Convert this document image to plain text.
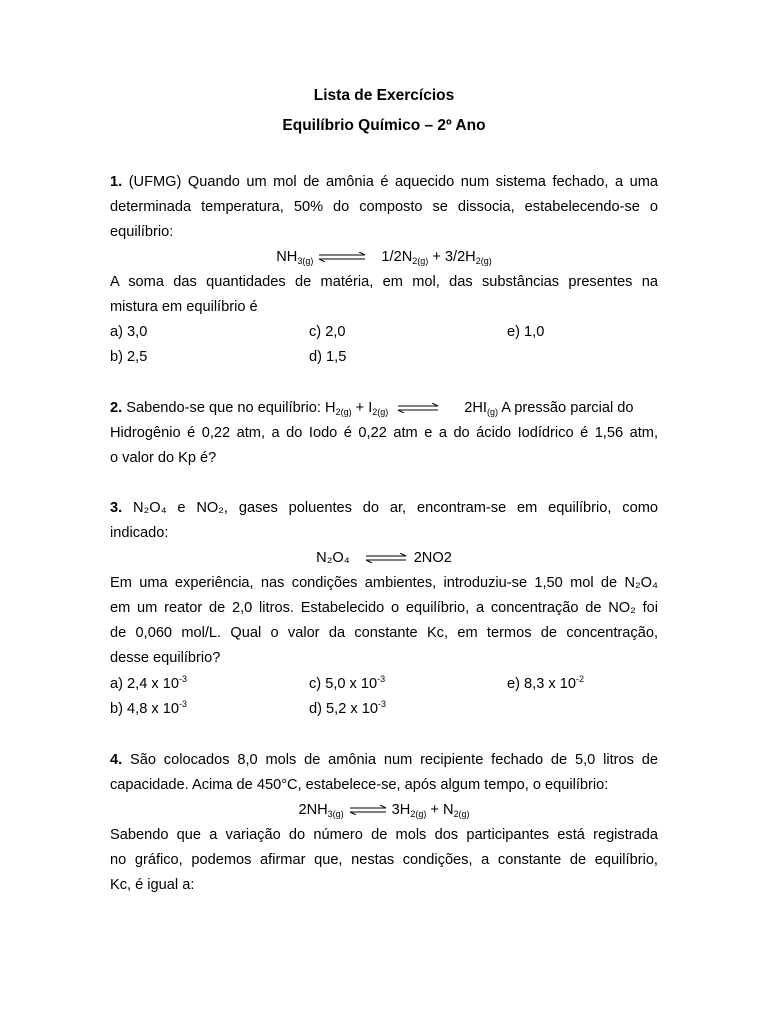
Lista de Exercícios
Equilíbrio Químico – 2º Ano
1. (UFMG) Quando um mol de amônia é aquecido num sistema fechado, a uma
determinada temperatura, 50% do composto se dissocia, estabelecendo-se o
equilíbrio:
$NH_{3(g)}$ ⇌ $1/2N_{2(g)} + 3/2H_{2(g)}$
A soma das quantidades de matéria, em mol, das substâncias presentes na
mistura em equilíbrio é
a) 3,0	c) 2,0	e) 1,0
b) 2,5	d) 1,5
2. Sabendo-se que no equilíbrio: $H_{2(g)} + I_{2(g)}$ ⇌ $2HI_{(g)}$ A pressão parcial do
Hidrogênio é 0,22 atm, a do Iodo é 0,22 atm e a do ácido Iodídrico é 1,56 atm,
o valor do Kp é?
3. N₂O₄ e NO₂, gases poluentes do ar, encontram-se em equilíbrio, como
indicado:
N₂O₄ ⇌ 2NO2
Em uma experiência, nas condições ambientes, introduziu-se 1,50 mol de N₂O₄
em um reator de 2,0 litros. Estabelecido o equilíbrio, a concentração de NO₂ foi
de 0,060 mol/L. Qual o valor da constante Kc, em termos de concentração,
desse equilíbrio?
a) 2,4 x $10^{-3}$	c) 5,0 x $10^{-3}$	e) 8,3 x $10^{-2}$
b) 4,8 x $10^{-3}$	d) 5,2 x $10^{-3}$
4. São colocados 8,0 mols de amônia num recipiente fechado de 5,0 litros de
capacidade. Acima de 450°C, estabelece-se, após algum tempo, o equilíbrio:
$2NH_{3(g)}$ ⇌ $3H_{2(g)} + N_{2(g)}$
Sabendo que a variação do número de mols dos participantes está registrada
no gráfico, podemos afirmar que, nestas condições, a constante de equilíbrio,
Kc, é igual a:
